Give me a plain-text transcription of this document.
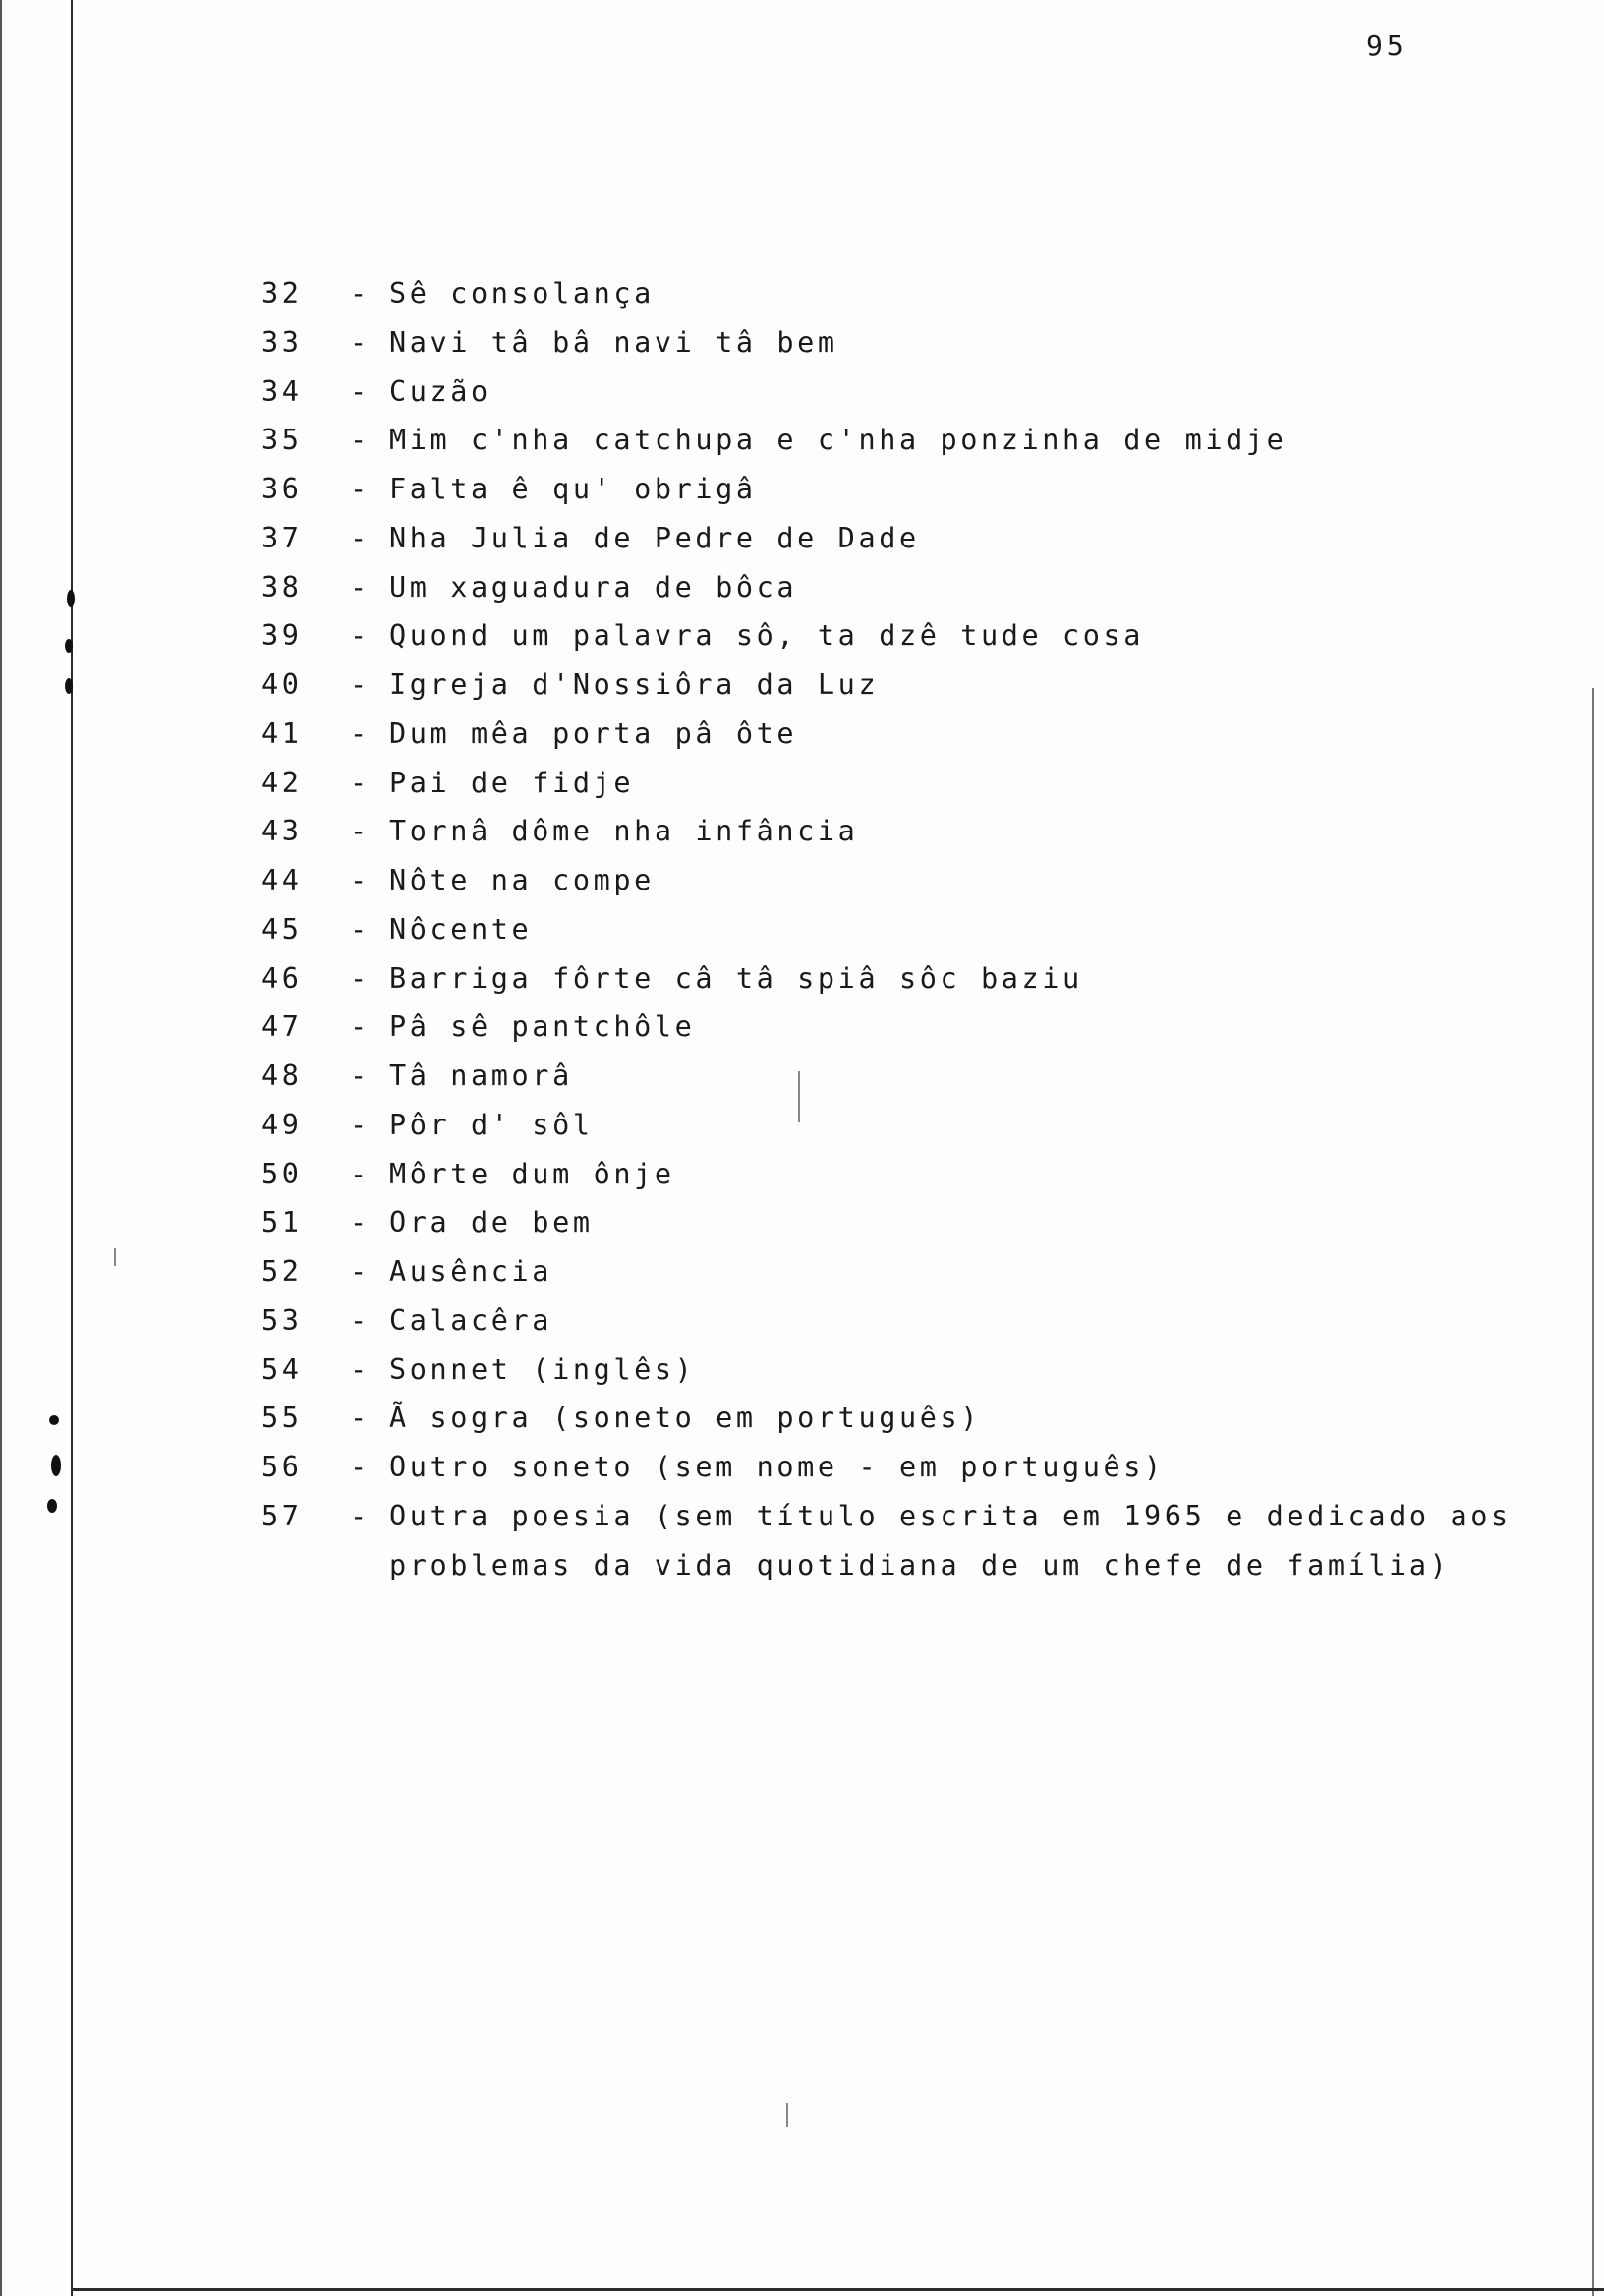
95
32	- Sê consolança
33	- Navi tâ bâ navi tâ bem
34	- Cuzão
35	- Mim c'nha catchupa e c'nha ponzinha de midje
36	- Falta ê qu' obrigâ
37	- Nha Julia de Pedre de Dade
38	- Um xaguadura de bôca
39	- Quond um palavra sô, ta dzê tude cosa
40	- Igreja d'Nossiôra da Luz
41	- Dum mêa porta pâ ôte
42	- Pai de fidje
43	- Tornâ dôme nha infância
44	- Nôte na compe
45	- Nôcente
46	- Barriga fôrte câ tâ spiâ sôc baziu
47	- Pâ sê pantchôle
48	- Tâ namorâ
49	- Pôr d' sôl
50	- Môrte dum ônje
51	- Ora de bem
52	- Ausência
53	- Calacêra
54	- Sonnet (inglês)
55	- Ã sogra (soneto em português)
56	- Outro soneto (sem nome - em português)
57	- Outra poesia (sem título escrita em 1965 e dedicado aos
problemas da vida quotidiana de um chefe de família)
